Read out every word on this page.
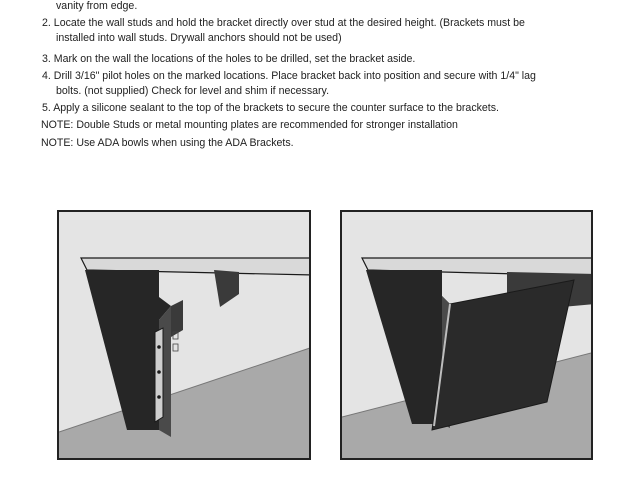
vanity from edge.
2. Locate the wall studs and hold the bracket directly over stud at the desired height. (Brackets must be
installed into wall studs. Drywall anchors should not be used)
3. Mark on the wall the locations of the holes to be drilled, set the bracket aside.
4. Drill 3/16" pilot holes on the marked locations. Place bracket back into position and secure with 1/4" lag
bolts. (not supplied) Check for level and shim if necessary.
5. Apply a silicone sealant to the top of the brackets to secure the counter surface to the brackets.
NOTE: Double Studs or metal mounting plates are recommended for stronger installation
NOTE: Use ADA bowls when using the ADA Brackets.
